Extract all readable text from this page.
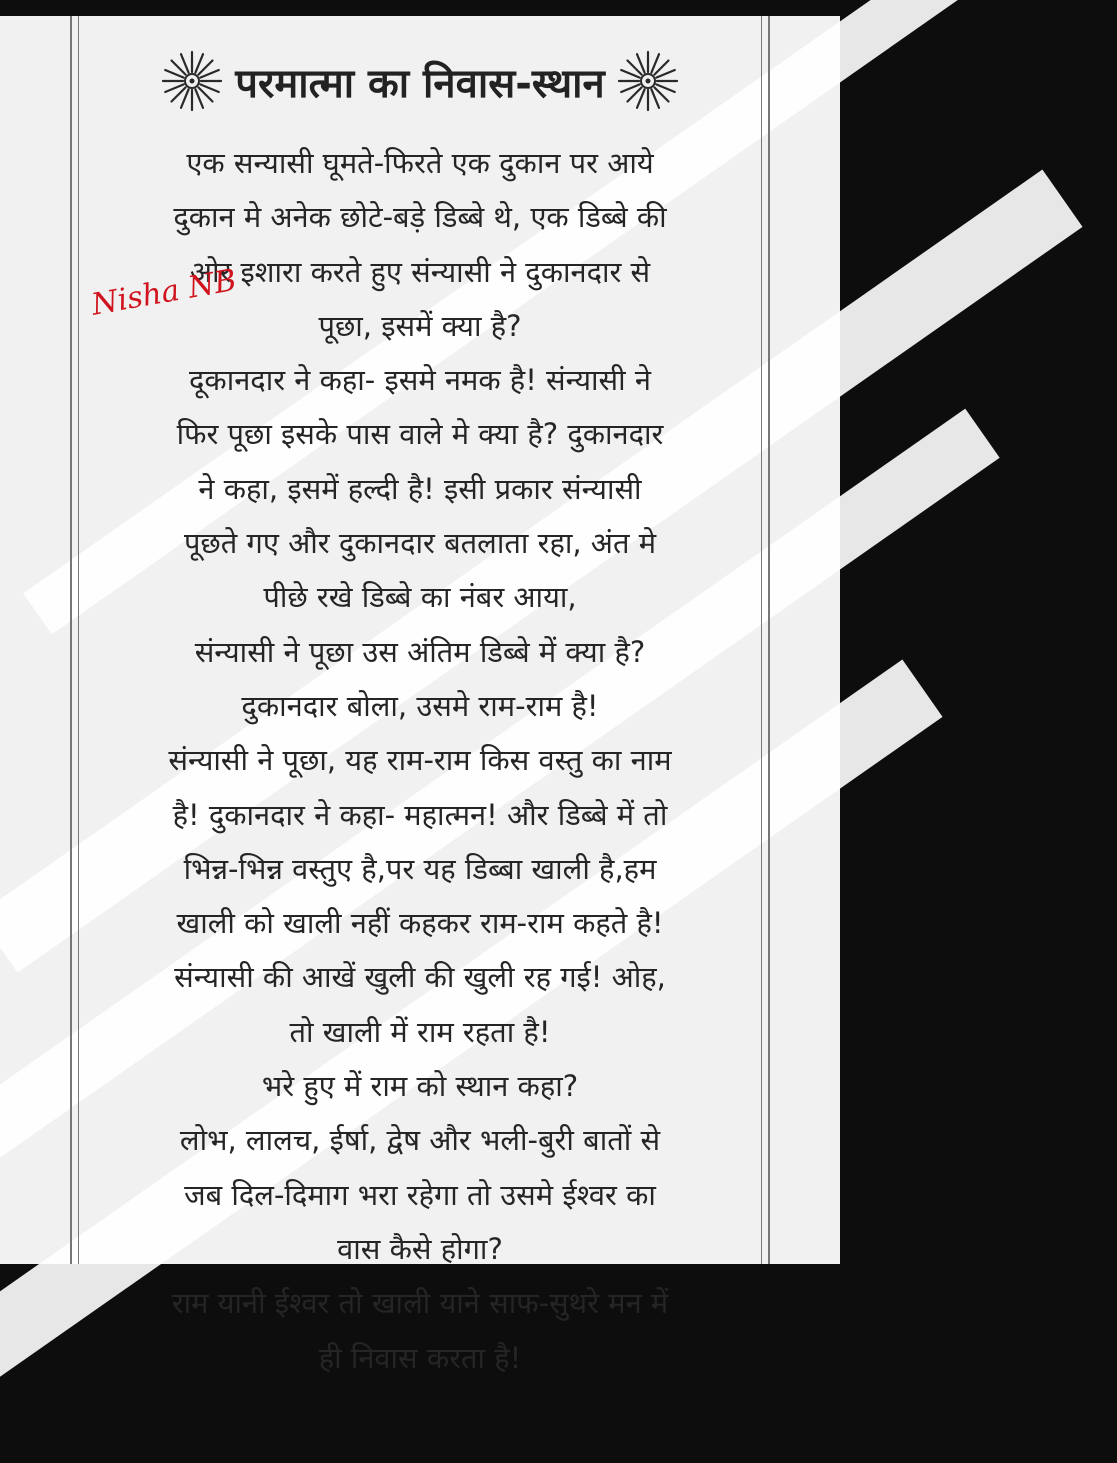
परमात्मा का निवास-स्थान
एक सन्यासी घूमते-फिरते एक दुकान पर आये
दुकान मे अनेक छोटे-बड़े डिब्बे थे, एक डिब्बे की
ओर इशारा करते हुए संन्यासी ने दुकानदार से
पूछा, इसमें क्या है?
दूकानदार ने कहा- इसमे नमक है! संन्यासी ने
फिर पूछा इसके पास वाले मे क्या है? दुकानदार
ने कहा, इसमें हल्दी है! इसी प्रकार संन्यासी
पूछते गए और दुकानदार बतलाता रहा, अंत मे
पीछे रखे डिब्बे का नंबर आया,
संन्यासी ने पूछा उस अंतिम डिब्बे में क्या है?
दुकानदार बोला, उसमे राम-राम है!
संन्यासी ने पूछा, यह राम-राम किस वस्तु का नाम
है! दुकानदार ने कहा- महात्मन! और डिब्बे में तो
भिन्न-भिन्न वस्तुए है,पर यह डिब्बा खाली है,हम
खाली को खाली नहीं कहकर राम-राम कहते है!
संन्यासी की आखें खुली की खुली रह गई! ओह,
तो खाली में राम रहता है!
भरे हुए में राम को स्थान कहा?
लोभ, लालच, ईर्षा, द्वेष और भली-बुरी बातों से
जब दिल-दिमाग भरा रहेगा तो उसमे ईश्वर का
वास कैसे होगा?
राम यानी ईश्वर तो खाली याने साफ-सुथरे मन में
ही निवास करता है!
Nisha NB
